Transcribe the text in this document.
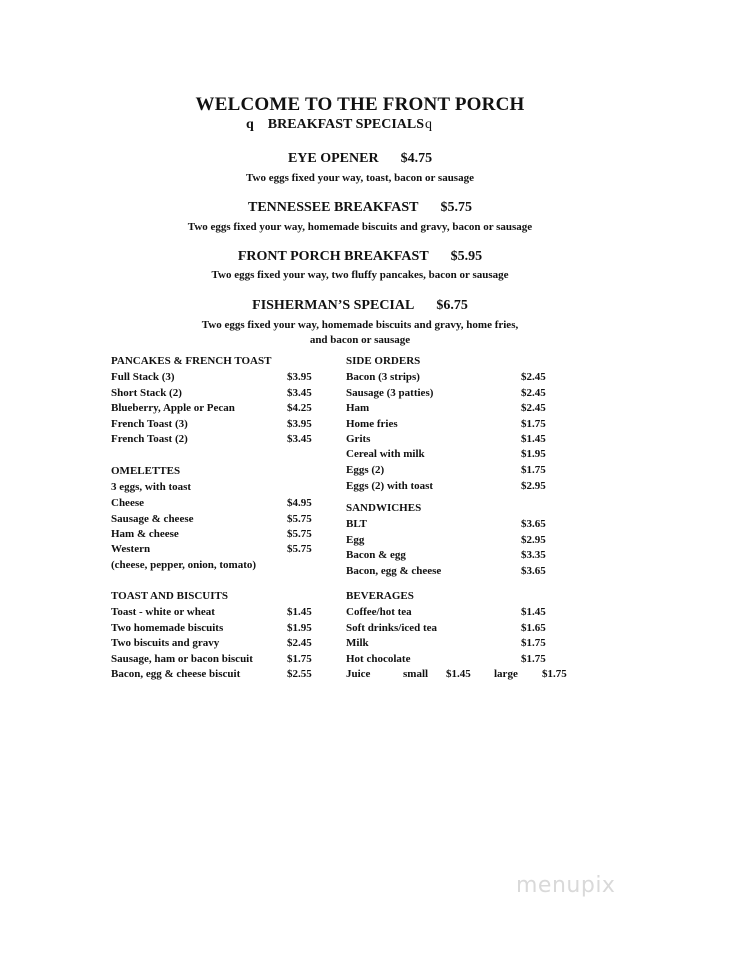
WELCOME TO THE FRONT PORCH
q BREAKFAST SPECIALSq
EYE OPENER $4.75
Two eggs fixed your way, toast, bacon or sausage
TENNESSEE BREAKFAST $5.75
Two eggs fixed your way, homemade biscuits and gravy, bacon or sausage
FRONT PORCH BREAKFAST $5.95
Two eggs fixed your way, two fluffy pancakes, bacon or sausage
FISHERMAN’S SPECIAL $6.75
Two eggs fixed your way, homemade biscuits and gravy, home fries,
and bacon or sausage
PANCAKES & FRENCH TOAST
Full Stack (3)	$3.95
Short Stack (2)	$3.45
Blueberry, Apple or Pecan	$4.25
French Toast (3)	$3.95
French Toast (2)	$3.45
OMELETTES
3 eggs, with toast
Cheese	$4.95
Sausage & cheese	$5.75
Ham & cheese	$5.75
Western	$5.75
(cheese, pepper, onion, tomato)
TOAST AND BISCUITS
Toast - white or wheat	$1.45
Two homemade biscuits	$1.95
Two biscuits and gravy	$2.45
Sausage, ham or bacon biscuit	$1.75
Bacon, egg & cheese biscuit	$2.55
SIDE ORDERS
Bacon (3 strips)	$2.45
Sausage (3 patties)	$2.45
Ham	$2.45
Home fries	$1.75
Grits	$1.45
Cereal with milk	$1.95
Eggs (2)	$1.75
Eggs (2) with toast	$2.95
SANDWICHES
BLT	$3.65
Egg	$2.95
Bacon & egg	$3.35
Bacon, egg & cheese	$3.65
BEVERAGES
Coffee/hot tea	$1.45
Soft drinks/iced tea	$1.65
Milk	$1.75
Hot chocolate	$1.75
Juice	small $1.45 large $1.75
menupix
